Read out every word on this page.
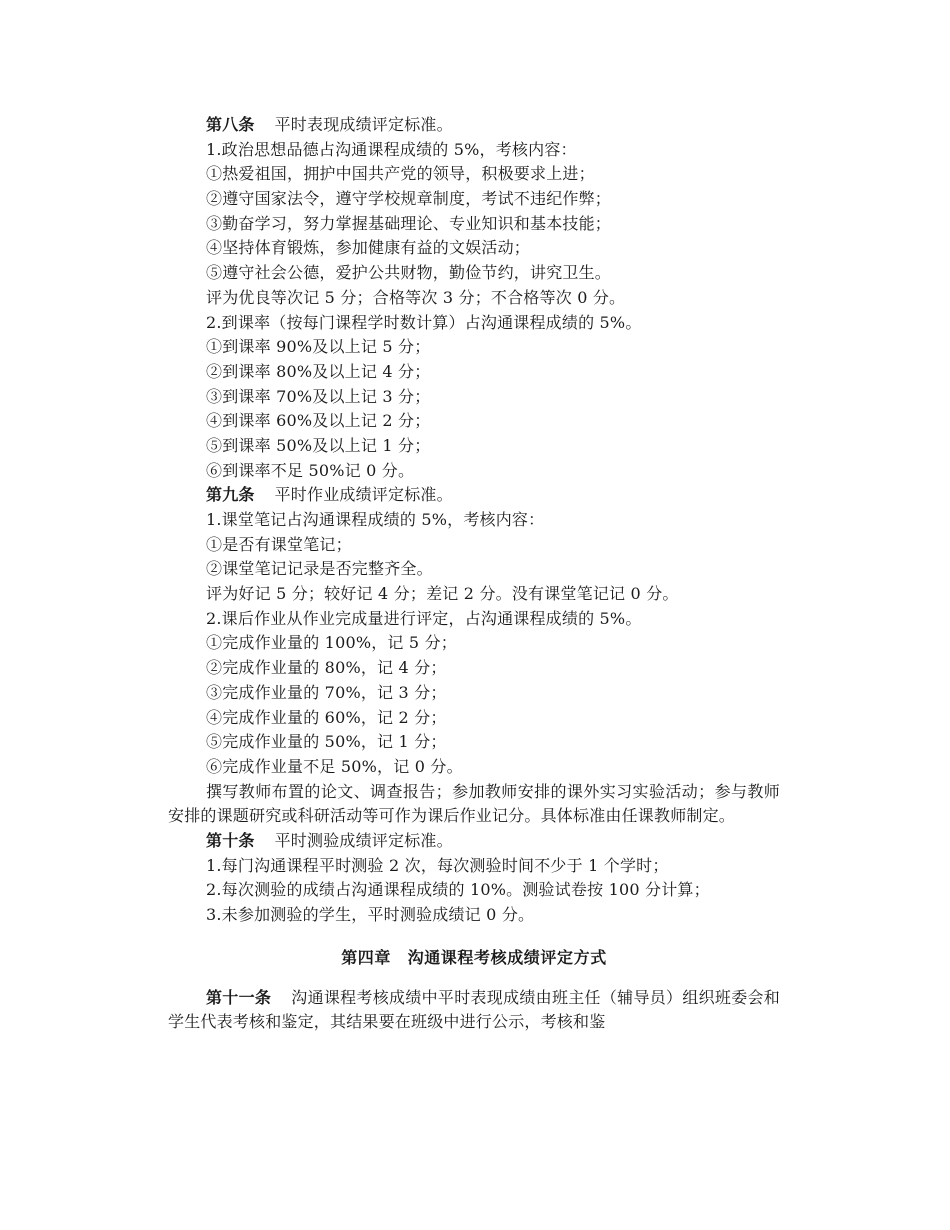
第八条 平时表现成绩评定标准。
1.政治思想品德占沟通课程成绩的 5%，考核内容：
①热爱祖国，拥护中国共产党的领导，积极要求上进；
②遵守国家法令，遵守学校规章制度，考试不违纪作弊；
③勤奋学习，努力掌握基础理论、专业知识和基本技能；
④坚持体育锻炼，参加健康有益的文娱活动；
⑤遵守社会公德，爱护公共财物，勤俭节约，讲究卫生。
评为优良等次记 5 分；合格等次 3 分；不合格等次 0 分。
2.到课率（按每门课程学时数计算）占沟通课程成绩的 5%。
①到课率 90%及以上记 5 分；
②到课率 80%及以上记 4 分；
③到课率 70%及以上记 3 分；
④到课率 60%及以上记 2 分；
⑤到课率 50%及以上记 1 分；
⑥到课率不足 50%记 0 分。
第九条 平时作业成绩评定标准。
1.课堂笔记占沟通课程成绩的 5%，考核内容：
①是否有课堂笔记；
②课堂笔记记录是否完整齐全。
评为好记 5 分；较好记 4 分；差记 2 分。没有课堂笔记记 0 分。
2.课后作业从作业完成量进行评定，占沟通课程成绩的 5%。
①完成作业量的 100%，记 5 分；
②完成作业量的 80%，记 4 分；
③完成作业量的 70%，记 3 分；
④完成作业量的 60%，记 2 分；
⑤完成作业量的 50%，记 1 分；
⑥完成作业量不足 50%，记 0 分。
撰写教师布置的论文、调查报告；参加教师安排的课外实习实验活动；参与教师安排的课题研究或科研活动等可作为课后作业记分。具体标准由任课教师制定。
第十条 平时测验成绩评定标准。
1.每门沟通课程平时测验 2 次，每次测验时间不少于 1 个学时；
2.每次测验的成绩占沟通课程成绩的 10%。测验试卷按 100 分计算；
3.未参加测验的学生，平时测验成绩记 0 分。
第四章　沟通课程考核成绩评定方式
第十一条 沟通课程考核成绩中平时表现成绩由班主任（辅导员）组织班委会和学生代表考核和鉴定，其结果要在班级中进行公示，考核和鉴
